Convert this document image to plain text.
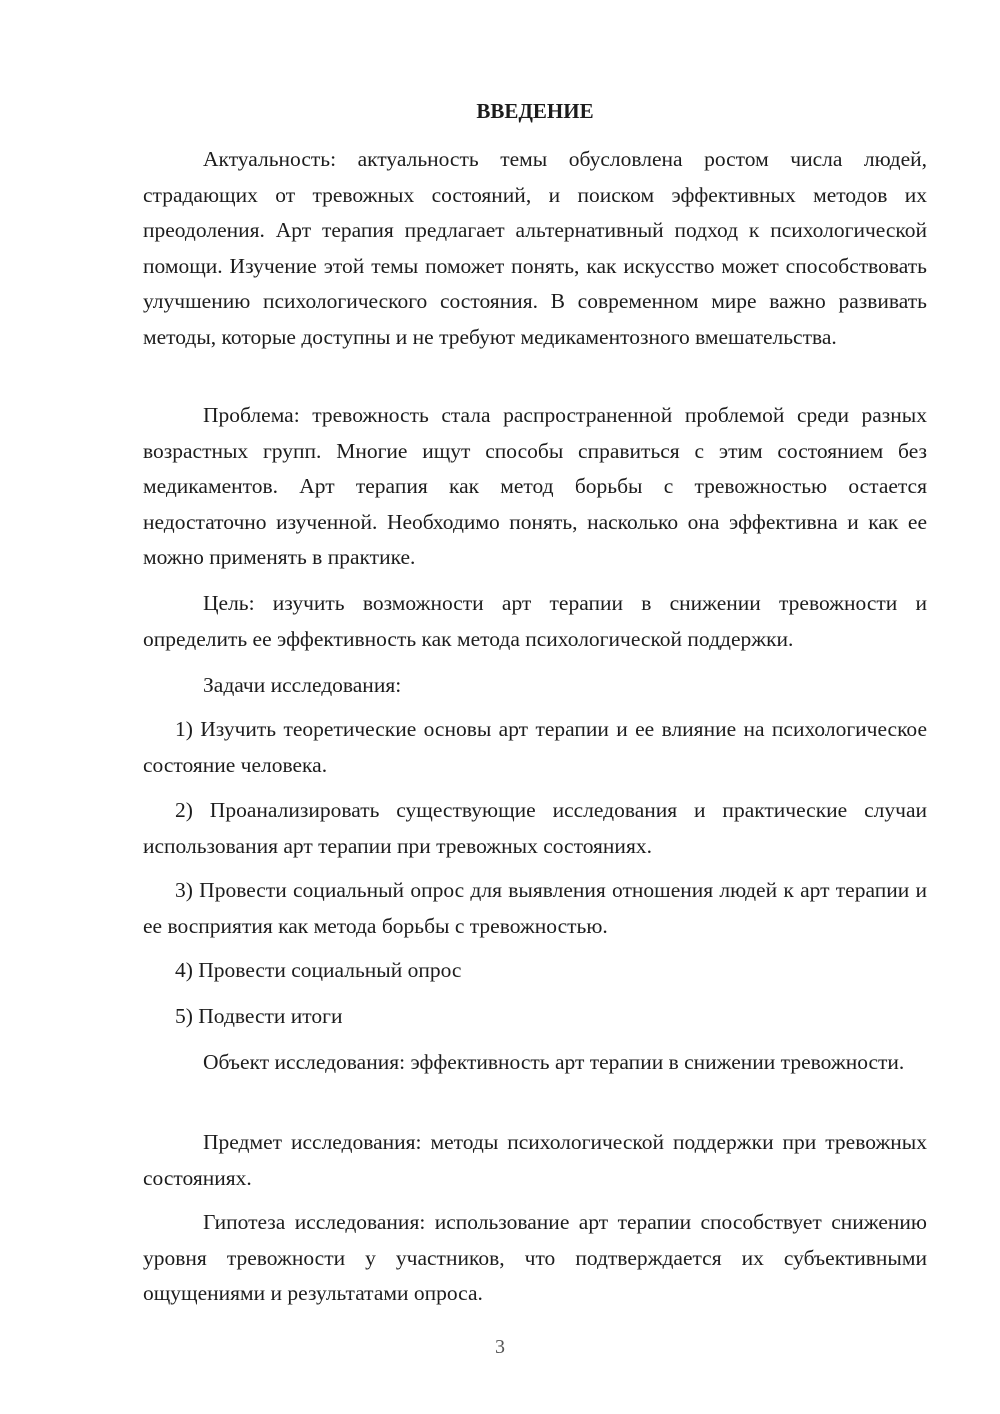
ВВЕДЕНИЕ

Актуальность: актуальность темы обусловлена ростом числа людей, страдающих от тревожных состояний, и поиском эффективных методов их преодоления. Арт терапия предлагает альтернативный подход к психологической помощи. Изучение этой темы поможет понять, как искусство может способствовать улучшению психологического состояния. В современном мире важно развивать методы, которые доступны и не требуют медикаментозного вмешательства.

Проблема: тревожность стала распространенной проблемой среди разных возрастных групп. Многие ищут способы справиться с этим состоянием без медикаментов. Арт терапия как метод борьбы с тревожностью остается недостаточно изученной. Необходимо понять, насколько она эффективна и как ее можно применять в практике.

Цель: изучить возможности арт терапии в снижении тревожности и определить ее эффективность как метода психологической поддержки.

Задачи исследования:

1) Изучить теоретические основы арт терапии и ее влияние на психологическое состояние человека.

2) Проанализировать существующие исследования и практические случаи использования арт терапии при тревожных состояниях.

3) Провести социальный опрос для выявления отношения людей к арт терапии и ее восприятия как метода борьбы с тревожностью.

4) Провести социальный опрос

5) Подвести итоги

Объект исследования: эффективность арт терапии в снижении тревожности.

Предмет исследования: методы психологической поддержки при тревожных состояниях.

Гипотеза исследования: использование арт терапии способствует снижению уровня тревожности у участников, что подтверждается их субъективными ощущениями и результатами опроса.

3
